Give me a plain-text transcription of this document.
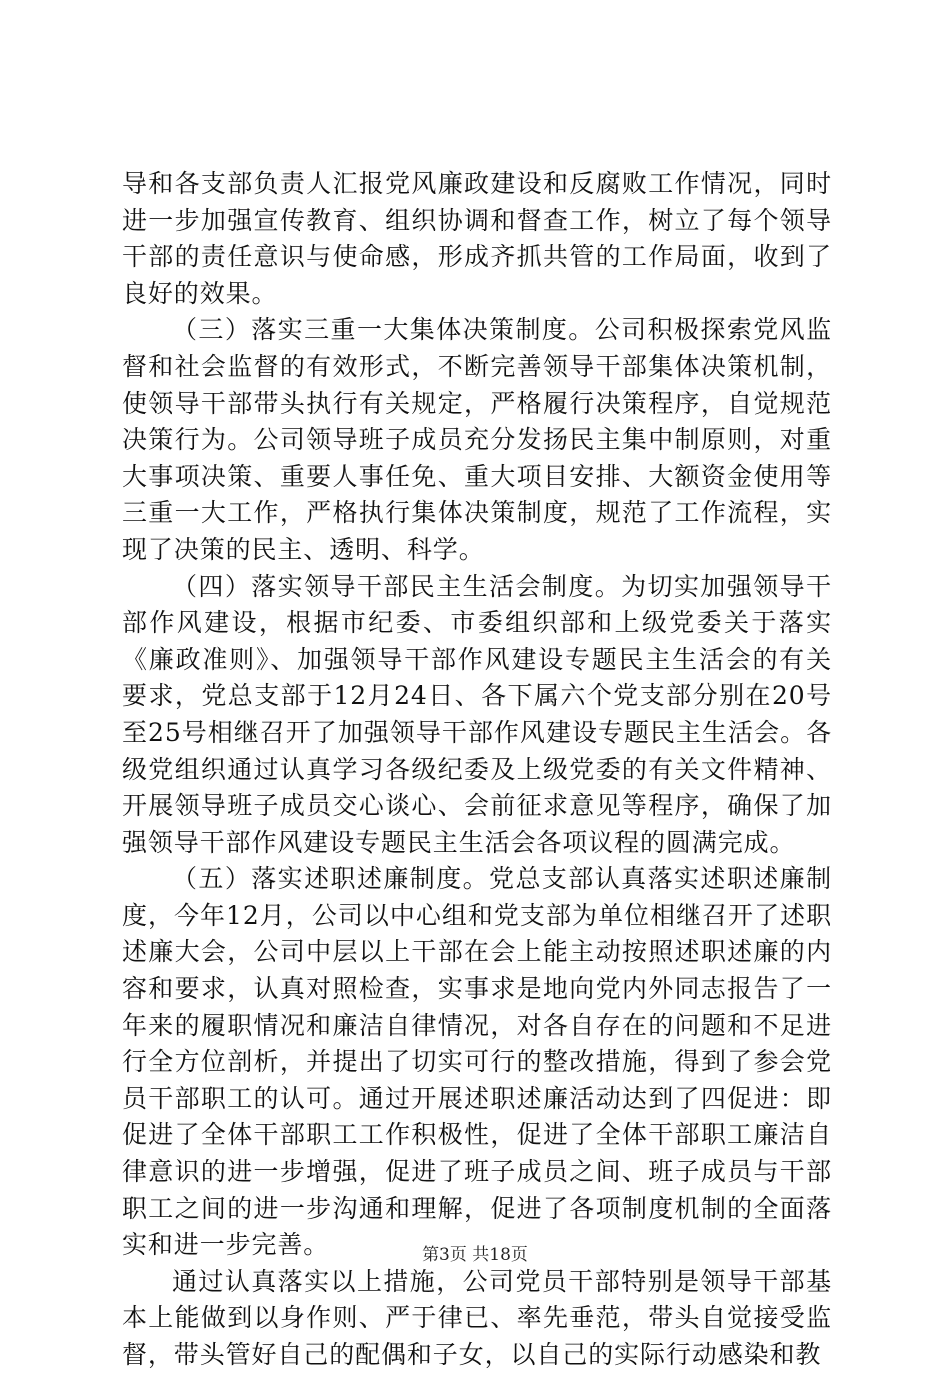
导和各支部负责人汇报党风廉政建设和反腐败工作情况，同时进一步加强宣传教育、组织协调和督查工作，树立了每个领导干部的责任意识与使命感，形成齐抓共管的工作局面，收到了良好的效果。

（三）落实三重一大集体决策制度。公司积极探索党风监督和社会监督的有效形式，不断完善领导干部集体决策机制，使领导干部带头执行有关规定，严格履行决策程序，自觉规范决策行为。公司领导班子成员充分发扬民主集中制原则，对重大事项决策、重要人事任免、重大项目安排、大额资金使用等三重一大工作，严格执行集体决策制度，规范了工作流程，实现了决策的民主、透明、科学。

（四）落实领导干部民主生活会制度。为切实加强领导干部作风建设，根据市纪委、市委组织部和上级党委关于落实《廉政准则》、加强领导干部作风建设专题民主生活会的有关要求，党总支部于12月24日、各下属六个党支部分别在20号至25号相继召开了加强领导干部作风建设专题民主生活会。各级党组织通过认真学习各级纪委及上级党委的有关文件精神、开展领导班子成员交心谈心、会前征求意见等程序，确保了加强领导干部作风建设专题民主生活会各项议程的圆满完成。

（五）落实述职述廉制度。党总支部认真落实述职述廉制度，今年12月，公司以中心组和党支部为单位相继召开了述职述廉大会，公司中层以上干部在会上能主动按照述职述廉的内容和要求，认真对照检查，实事求是地向党内外同志报告了一年来的履职情况和廉洁自律情况，对各自存在的问题和不足进行全方位剖析，并提出了切实可行的整改措施，得到了参会党员干部职工的认可。通过开展述职述廉活动达到了四促进：即促进了全体干部职工工作积极性，促进了全体干部职工廉洁自律意识的进一步增强，促进了班子成员之间、班子成员与干部职工之间的进一步沟通和理解，促进了各项制度机制的全面落实和进一步完善。

通过认真落实以上措施，公司党员干部特别是领导干部基本上能做到以身作则、严于律已、率先垂范，带头自觉接受监督，带头管好自己的配偶和子女，以自己的实际行动感染和教

第3页 共18页
